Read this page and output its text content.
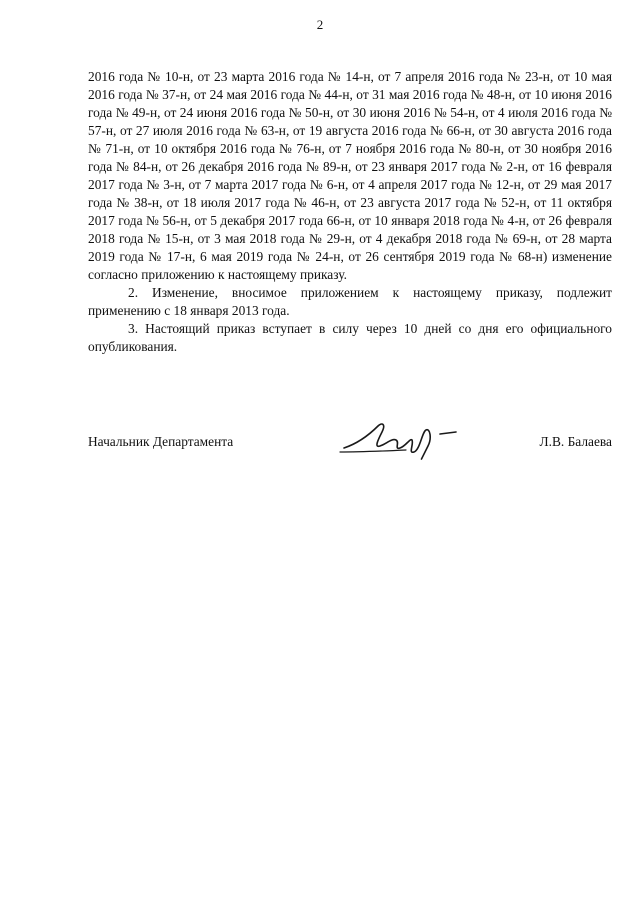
2

2016 года № 10-н, от 23 марта 2016 года № 14-н, от 7 апреля 2016 года № 23-н, от 10 мая 2016 года № 37-н, от 24 мая 2016 года № 44-н, от 31 мая 2016 года № 48-н, от 10 июня 2016 года № 49-н, от 24 июня 2016 года № 50-н, от 30 июня 2016 № 54-н, от 4 июля 2016 года № 57-н, от 27 июля 2016 года № 63-н, от 19 августа 2016 года № 66-н, от 30 августа 2016 года № 71-н, от 10 октября 2016 года № 76-н, от 7 ноября 2016 года № 80-н, от 30 ноября 2016 года № 84-н, от 26 декабря 2016 года № 89-н, от 23 января 2017 года № 2-н, от 16 февраля 2017 года № 3-н, от 7 марта 2017 года № 6-н, от 4 апреля 2017 года № 12-н, от 29 мая 2017 года № 38-н, от 18 июля 2017 года № 46-н, от 23 августа 2017 года № 52-н, от 11 октября 2017 года № 56-н, от 5 декабря 2017 года 66-н, от 10 января 2018 года № 4-н, от 26 февраля 2018 года № 15-н, от 3 мая 2018 года № 29-н, от 4 декабря 2018 года № 69-н, от 28 марта 2019 года № 17-н, 6 мая 2019 года № 24-н, от 26 сентября 2019 года № 68-н) изменение согласно приложению к настоящему приказу.

2. Изменение, вносимое приложением к настоящему приказу, подлежит применению с 18 января 2013 года.

3. Настоящий приказ вступает в силу через 10 дней со дня его официального опубликования.

Начальник Департамента	Л.В. Балаева
